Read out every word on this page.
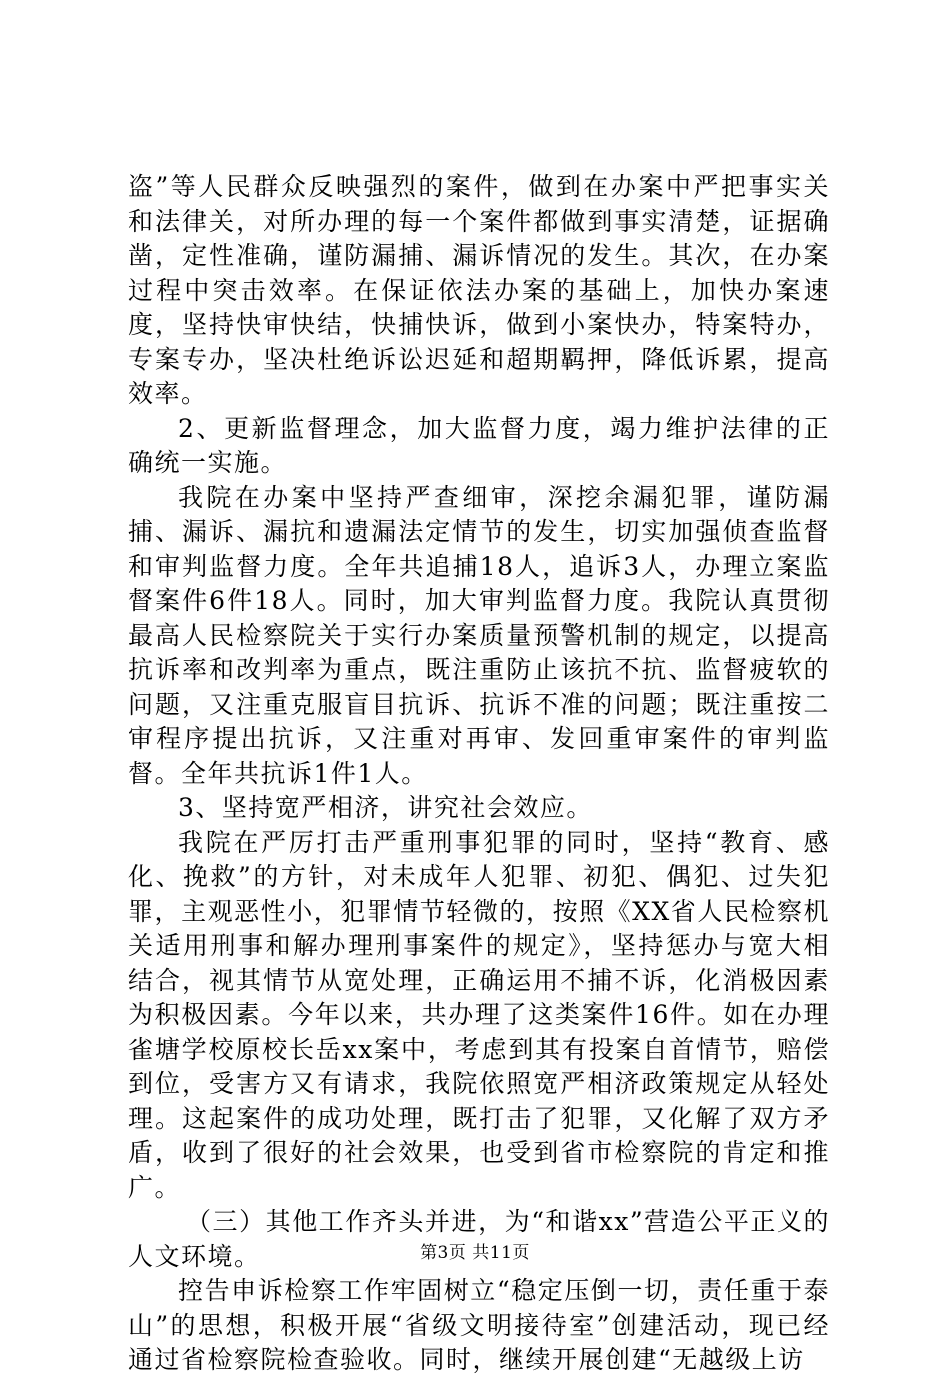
盗”等人民群众反映强烈的案件，做到在办案中严把事实关和法律关，对所办理的每一个案件都做到事实清楚，证据确凿，定性准确，谨防漏捕、漏诉情况的发生。其次，在办案过程中突击效率。在保证依法办案的基础上，加快办案速度，坚持快审快结，快捕快诉，做到小案快办，特案特办，专案专办，坚决杜绝诉讼迟延和超期羁押，降低诉累，提高效率。

2、更新监督理念，加大监督力度，竭力维护法律的正确统一实施。

我院在办案中坚持严查细审，深挖余漏犯罪，谨防漏捕、漏诉、漏抗和遗漏法定情节的发生，切实加强侦查监督和审判监督力度。全年共追捕18人，追诉3人，办理立案监督案件6件18人。同时，加大审判监督力度。我院认真贯彻最高人民检察院关于实行办案质量预警机制的规定，以提高抗诉率和改判率为重点，既注重防止该抗不抗、监督疲软的问题，又注重克服盲目抗诉、抗诉不准的问题；既注重按二审程序提出抗诉，又注重对再审、发回重审案件的审判监督。全年共抗诉1件1人。

3、坚持宽严相济，讲究社会效应。

我院在严厉打击严重刑事犯罪的同时，坚持“教育、感化、挽救”的方针，对未成年人犯罪、初犯、偶犯、过失犯罪，主观恶性小，犯罪情节轻微的，按照《XX省人民检察机关适用刑事和解办理刑事案件的规定》，坚持惩办与宽大相结合，视其情节从宽处理，正确运用不捕不诉，化消极因素为积极因素。今年以来，共办理了这类案件16件。如在办理雀塘学校原校长岳xx案中，考虑到其有投案自首情节，赔偿到位，受害方又有请求，我院依照宽严相济政策规定从轻处理。这起案件的成功处理，既打击了犯罪，又化解了双方矛盾，收到了很好的社会效果，也受到省市检察院的肯定和推广。

（三）其他工作齐头并进，为“和谐xx”营造公平正义的人文环境。

控告申诉检察工作牢固树立“稳定压倒一切，责任重于泰山”的思想，积极开展“省级文明接待室”创建活动，现已经通过省检察院检查验收。同时，继续开展创建“无越级上访

第3页 共11页
